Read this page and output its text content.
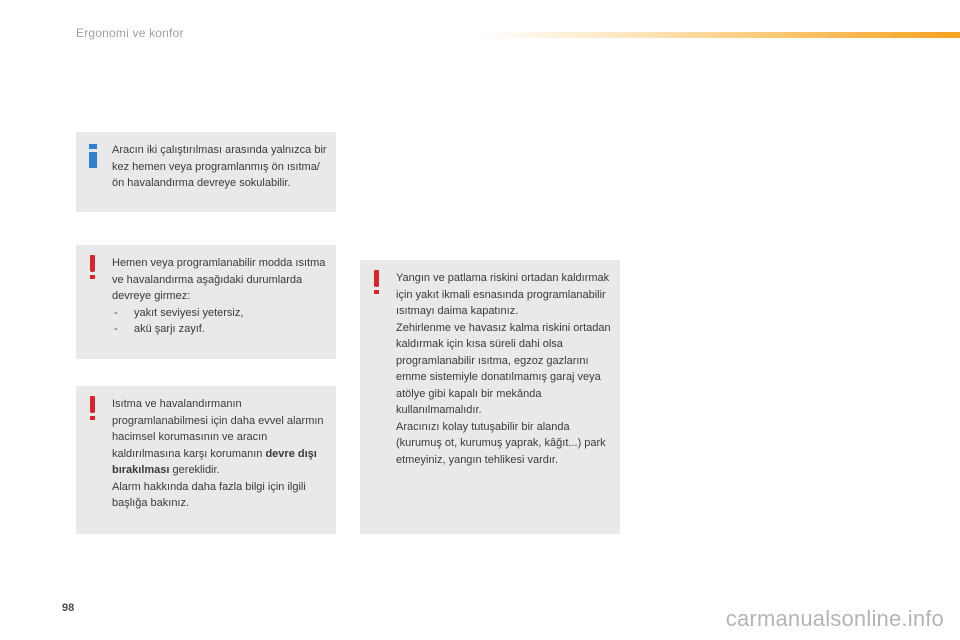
Ergonomi ve konfor

Aracın iki çalıştırılması arasında yalnızca bir kez hemen veya programlanmış ön ısıtma/ön havalandırma devreye sokulabilir.

Hemen veya programlanabilir modda ısıtma ve havalandırma aşağıdaki durumlarda devreye girmez:

- yakıt seviyesi yetersiz,
- akü şarjı zayıf.

Isıtma ve havalandırmanın programlanabilmesi için daha evvel alarmın hacimsel korumasının ve aracın kaldırılmasına karşı korumanın devre dışı bırakılması gereklidir.

Alarm hakkında daha fazla bilgi için ilgili başlığa bakınız.

Yangın ve patlama riskini ortadan kaldırmak için yakıt ikmali esnasında programlanabilir ısıtmayı daima kapatınız.

Zehirlenme ve havasız kalma riskini ortadan kaldırmak için kısa süreli dahi olsa programlanabilir ısıtma, egzoz gazlarını emme sistemiyle donatılmamış garaj veya atölye gibi kapalı bir mekânda kullanılmamalıdır.

Aracınızı kolay tutuşabilir bir alanda (kurumuş ot, kurumuş yaprak, kâğıt...) park etmeyiniz, yangın tehlikesi vardır.

98	carmanualsonline.info
